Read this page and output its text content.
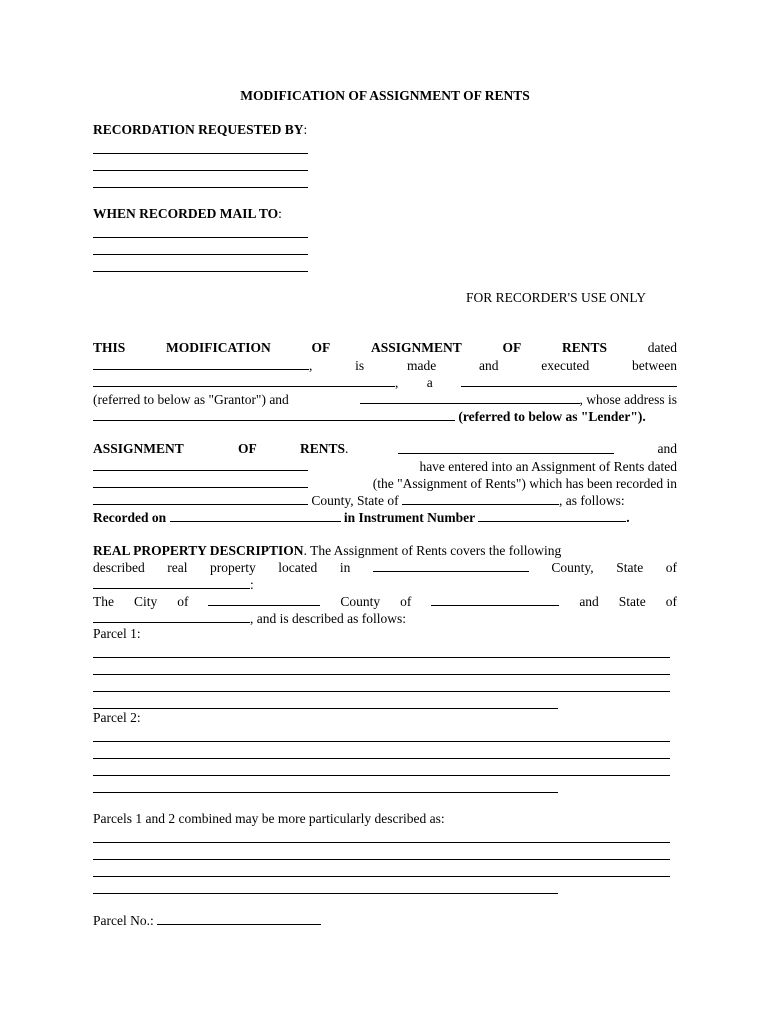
MODIFICATION OF ASSIGNMENT OF RENTS
RECORDATION REQUESTED BY:
WHEN RECORDED MAIL TO:
FOR RECORDER'S USE ONLY
THIS	MODIFICATION	OF	ASSIGNMENT	OF	RENTS	dated
,	is	made	and	executed	between
, a
(referred to below as "Grantor") and	, whose address is
(referred to below as "Lender").
ASSIGNMENT	OF	RENTS.	and
have entered into an Assignment of Rents dated
(the "Assignment of Rents") which has been recorded in
County, State of	, as follows:
Recorded on	in Instrument Number	.
REAL PROPERTY DESCRIPTION. The Assignment of Rents covers the following
described real property located in	County, State of
:
The City of	County of	and State of
, and is described as follows:
Parcel 1:
Parcel 2:
Parcels 1 and 2 combined may be more particularly described as:
Parcel No.:
